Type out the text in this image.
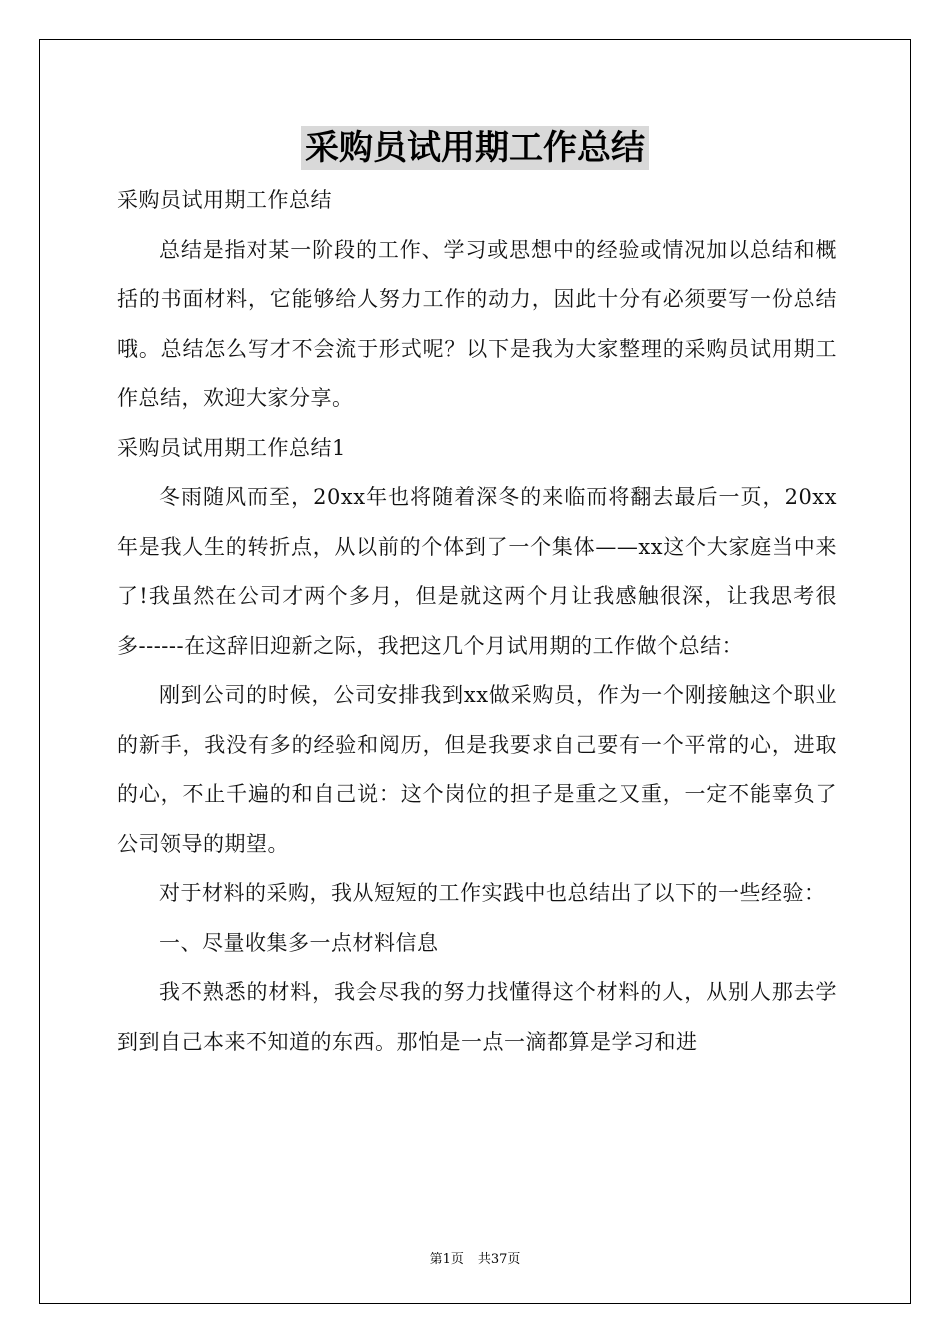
采购员试用期工作总结

采购员试用期工作总结

总结是指对某一阶段的工作、学习或思想中的经验或情况加以总结和概括的书面材料，它能够给人努力工作的动力，因此十分有必须要写一份总结哦。总结怎么写才不会流于形式呢？以下是我为大家整理的采购员试用期工作总结，欢迎大家分享。

采购员试用期工作总结1

冬雨随风而至，20xx年也将随着深冬的来临而将翻去最后一页，20xx年是我人生的转折点，从以前的个体到了一个集体——xx这个大家庭当中来了!我虽然在公司才两个多月，但是就这两个月让我感触很深，让我思考很多------在这辞旧迎新之际，我把这几个月试用期的工作做个总结：

刚到公司的时候，公司安排我到xx做采购员，作为一个刚接触这个职业的新手，我没有多的经验和阅历，但是我要求自己要有一个平常的心，进取的心，不止千遍的和自己说：这个岗位的担子是重之又重，一定不能辜负了公司领导的期望。

对于材料的采购，我从短短的工作实践中也总结出了以下的一些经验：

一、尽量收集多一点材料信息

我不熟悉的材料，我会尽我的努力找懂得这个材料的人，从别人那去学到到自己本来不知道的东西。那怕是一点一滴都算是学习和进

第1页 共37页
